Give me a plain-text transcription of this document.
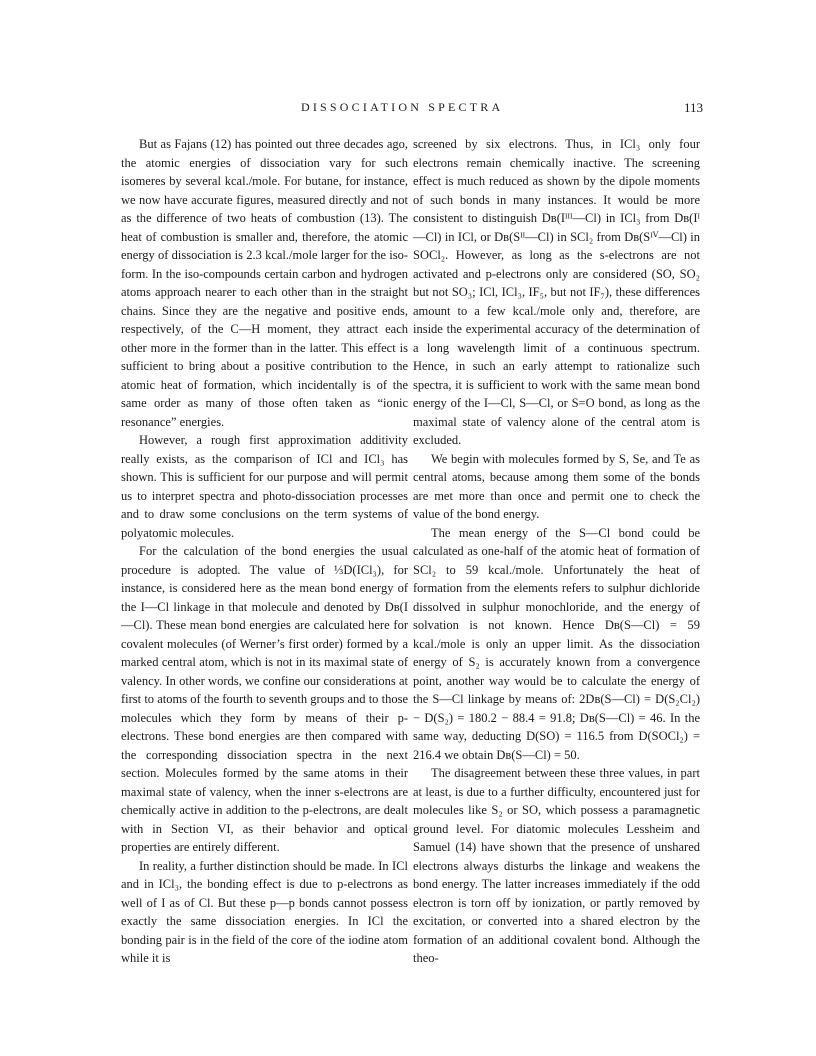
DISSOCIATION SPECTRA	113

But as Fajans (12) has pointed out three decades ago, the atomic energies of dissociation vary for such isomeres by several kcal./mole. For butane, for instance, we now have accurate figures, measured directly and not as the difference of two heats of combustion (13). The heat of combustion is smaller and, therefore, the atomic energy of dissociation is 2.3 kcal./mole larger for the iso-form. In the iso-compounds certain carbon and hydrogen atoms approach nearer to each other than in the straight chains. Since they are the negative and positive ends, respectively, of the C—H moment, they attract each other more in the former than in the latter. This effect is sufficient to bring about a positive contribution to the atomic heat of formation, which incidentally is of the same order as many of those often taken as “ionic resonance” energies.

However, a rough first approximation additivity really exists, as the comparison of ICl and ICl₃ has shown. This is sufficient for our purpose and will permit us to interpret spectra and photo-dissociation processes and to draw some conclusions on the term systems of polyatomic molecules.

For the calculation of the bond energies the usual procedure is adopted. The value of ⅓D(ICl₃), for instance, is considered here as the mean bond energy of the I—Cl linkage in that molecule and denoted by Dʙ(I—Cl). These mean bond energies are calculated here for covalent molecules (of Werner’s first order) formed by a marked central atom, which is not in its maximal state of valency. In other words, we confine our considerations at first to atoms of the fourth to seventh groups and to those molecules which they form by means of their p-electrons. These bond energies are then compared with the corresponding dissociation spectra in the next section. Molecules formed by the same atoms in their maximal state of valency, when the inner s-electrons are chemically active in addition to the p-electrons, are dealt with in Section VI, as their behavior and optical properties are entirely different.

In reality, a further distinction should be made. In ICl and in ICl₃, the bonding effect is due to p-electrons as well of I as of Cl. But these p—p bonds cannot possess exactly the same dissociation energies. In ICl the bonding pair is in the field of the core of the iodine atom while it is

screened by six electrons. Thus, in ICl₃ only four electrons remain chemically inactive. The screening effect is much reduced as shown by the dipole moments of such bonds in many instances. It would be more consistent to distinguish Dʙ(Iᴵᴵᴵ—Cl) in ICl₃ from Dʙ(Iᴵ—Cl) in ICl, or Dʙ(Sᴵᴵ—Cl) in SCl₂ from Dʙ(Sᴵⱽ—Cl) in SOCl₂. However, as long as the s-electrons are not activated and p-electrons only are considered (SO, SO₂ but not SO₃; ICl, ICl₃, IF₅, but not IF₇), these differences amount to a few kcal./mole only and, therefore, are inside the experimental accuracy of the determination of a long wavelength limit of a continuous spectrum. Hence, in such an early attempt to rationalize such spectra, it is sufficient to work with the same mean bond energy of the I—Cl, S—Cl, or S=O bond, as long as the maximal state of valency alone of the central atom is excluded.

We begin with molecules formed by S, Se, and Te as central atoms, because among them some of the bonds are met more than once and permit one to check the value of the bond energy.

The mean energy of the S—Cl bond could be calculated as one-half of the atomic heat of formation of SCl₂ to 59 kcal./mole. Unfortunately the heat of formation from the elements refers to sulphur dichloride dissolved in sulphur monochloride, and the energy of solvation is not known. Hence Dʙ(S—Cl) = 59 kcal./mole is only an upper limit. As the dissociation energy of S₂ is accurately known from a convergence point, another way would be to calculate the energy of the S—Cl linkage by means of: 2Dʙ(S—Cl) = D(S₂Cl₂) − D(S₂) = 180.2 − 88.4 = 91.8; Dʙ(S—Cl) = 46. In the same way, deducting D(SO) = 116.5 from D(SOCl₂) = 216.4 we obtain Dʙ(S—Cl) = 50.

The disagreement between these three values, in part at least, is due to a further difficulty, encountered just for molecules like S₂ or SO, which possess a paramagnetic ground level. For diatomic molecules Lessheim and Samuel (14) have shown that the presence of unshared electrons always disturbs the linkage and weakens the bond energy. The latter increases immediately if the odd electron is torn off by ionization, or partly removed by excitation, or converted into a shared electron by the formation of an additional covalent bond. Although the theo-
